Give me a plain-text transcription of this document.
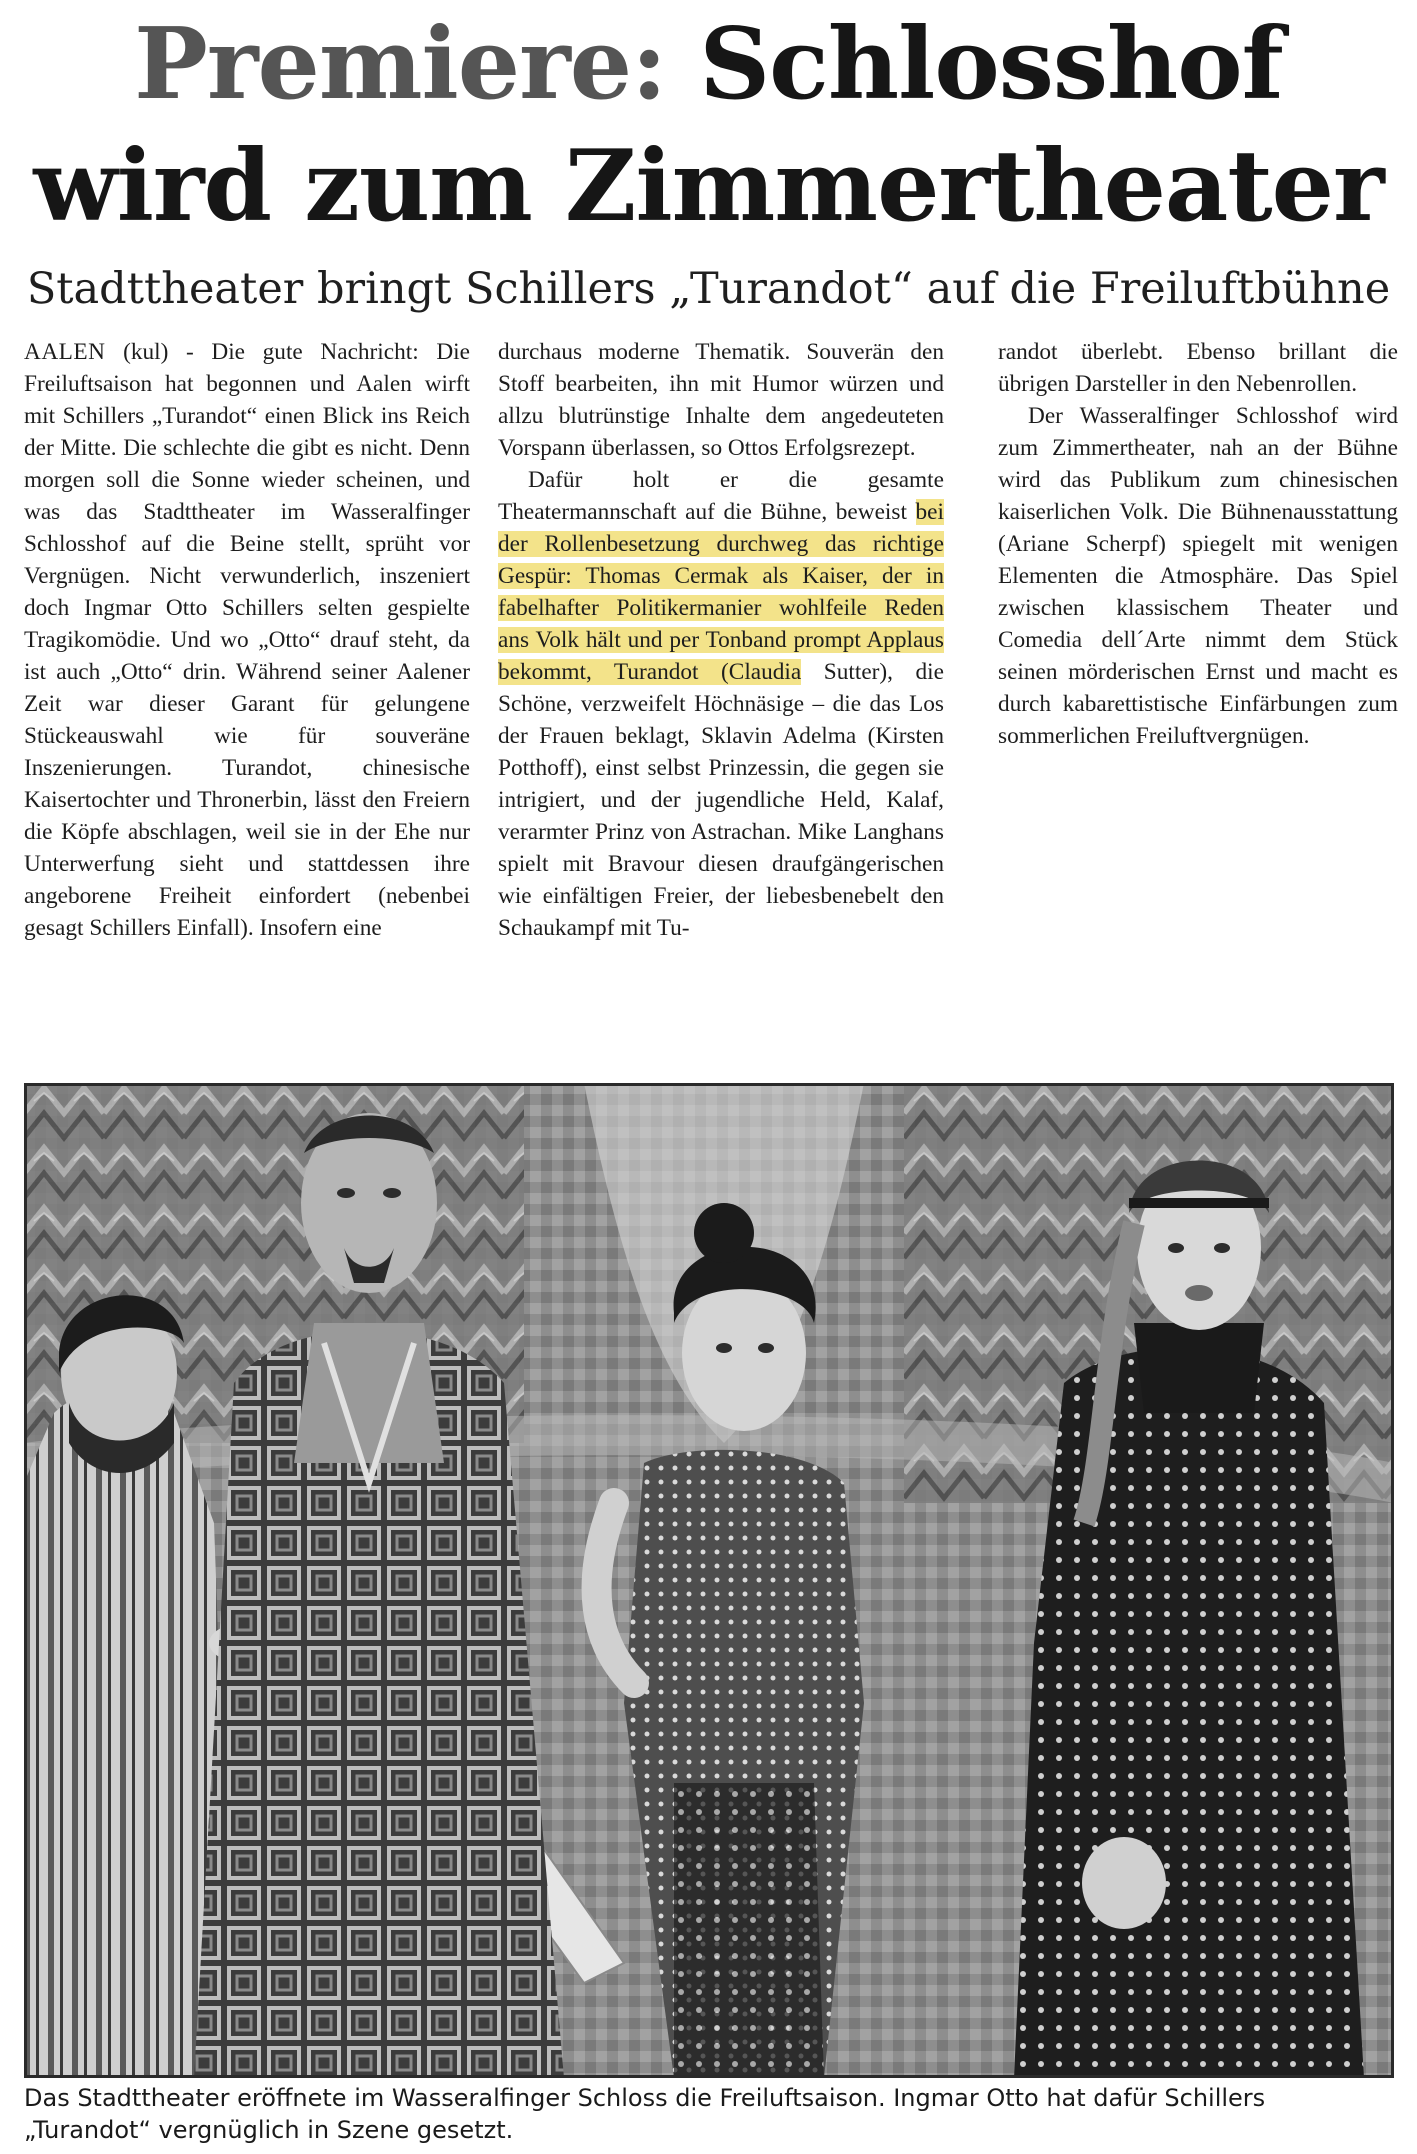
Premiere: Schlosshof
wird zum Zimmertheater
Stadttheater bringt Schillers „Turandot“ auf die Freiluftbühne

AALEN (kul) - Die gute Nachricht: Die Freiluftsaison hat begonnen und Aalen wirft mit Schillers „Turandot“ einen Blick ins Reich der Mitte. Die schlechte die gibt es nicht. Denn morgen soll die Sonne wieder scheinen, und was das Stadttheater im Wasseralfinger Schlosshof auf die Beine stellt, sprüht vor Vergnügen. Nicht verwunderlich, inszeniert doch Ingmar Otto Schillers selten gespielte Tragikomödie. Und wo „Otto“ drauf steht, da ist auch „Otto“ drin. Während seiner Aalener Zeit war dieser Garant für gelungene Stückeauswahl wie für souveräne Inszenierungen. Turandot, chinesische Kaisertochter und Thronerbin, lässt den Freiern die Köpfe abschlagen, weil sie in der Ehe nur Unterwerfung sieht und stattdessen ihre angeborene Freiheit einfordert (nebenbei gesagt Schillers Einfall). Insofern eine

durchaus moderne Thematik. Souverän den Stoff bearbeiten, ihn mit Humor würzen und allzu blutrünstige Inhalte dem angedeuteten Vorspann überlassen, so Ottos Erfolgsrezept.

Dafür holt er die gesamte Theatermannschaft auf die Bühne, beweist bei der Rollenbesetzung durchweg das richtige Gespür: Thomas Cermak als Kaiser, der in fabelhafter Politikermanier wohlfeile Reden ans Volk hält und per Tonband prompt Applaus bekommt, Turandot (Claudia Sutter), die Schöne, verzweifelt Höchnäsige – die das Los der Frauen beklagt, Sklavin Adelma (Kirsten Potthoff), einst selbst Prinzessin, die gegen sie intrigiert, und der jugendliche Held, Kalaf, verarmter Prinz von Astrachan. Mike Langhans spielt mit Bravour diesen draufgängerischen wie einfältigen Freier, der liebesbenebelt den Schaukampf mit Tu-

randot überlebt. Ebenso brillant die übrigen Darsteller in den Nebenrollen.

Der Wasseralfinger Schlosshof wird zum Zimmertheater, nah an der Bühne wird das Publikum zum chinesischen kaiserlichen Volk. Die Bühnenausstattung (Ariane Scherpf) spiegelt mit wenigen Elementen die Atmosphäre. Das Spiel zwischen klassischem Theater und Comedia dell´Arte nimmt dem Stück seinen mörderischen Ernst und macht es durch kabarettistische Einfärbungen zum sommerlichen Freiluftvergnügen.

Das Stadttheater eröffnete im Wasseralfinger Schloss die Freiluftsaison. Ingmar Otto hat dafür Schillers „Turandot“ vergnüglich in Szene gesetzt.
